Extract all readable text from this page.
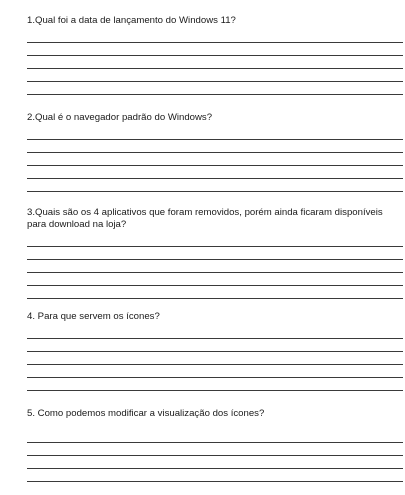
1.Qual foi a data de lançamento do Windows 11?

2.Qual é o navegador padrão do Windows?

3.Quais são os 4 aplicativos que foram removidos, porém ainda ficaram disponíveis para download na loja?

4. Para que servem os ícones?

5. Como podemos modificar a visualização dos ícones?
